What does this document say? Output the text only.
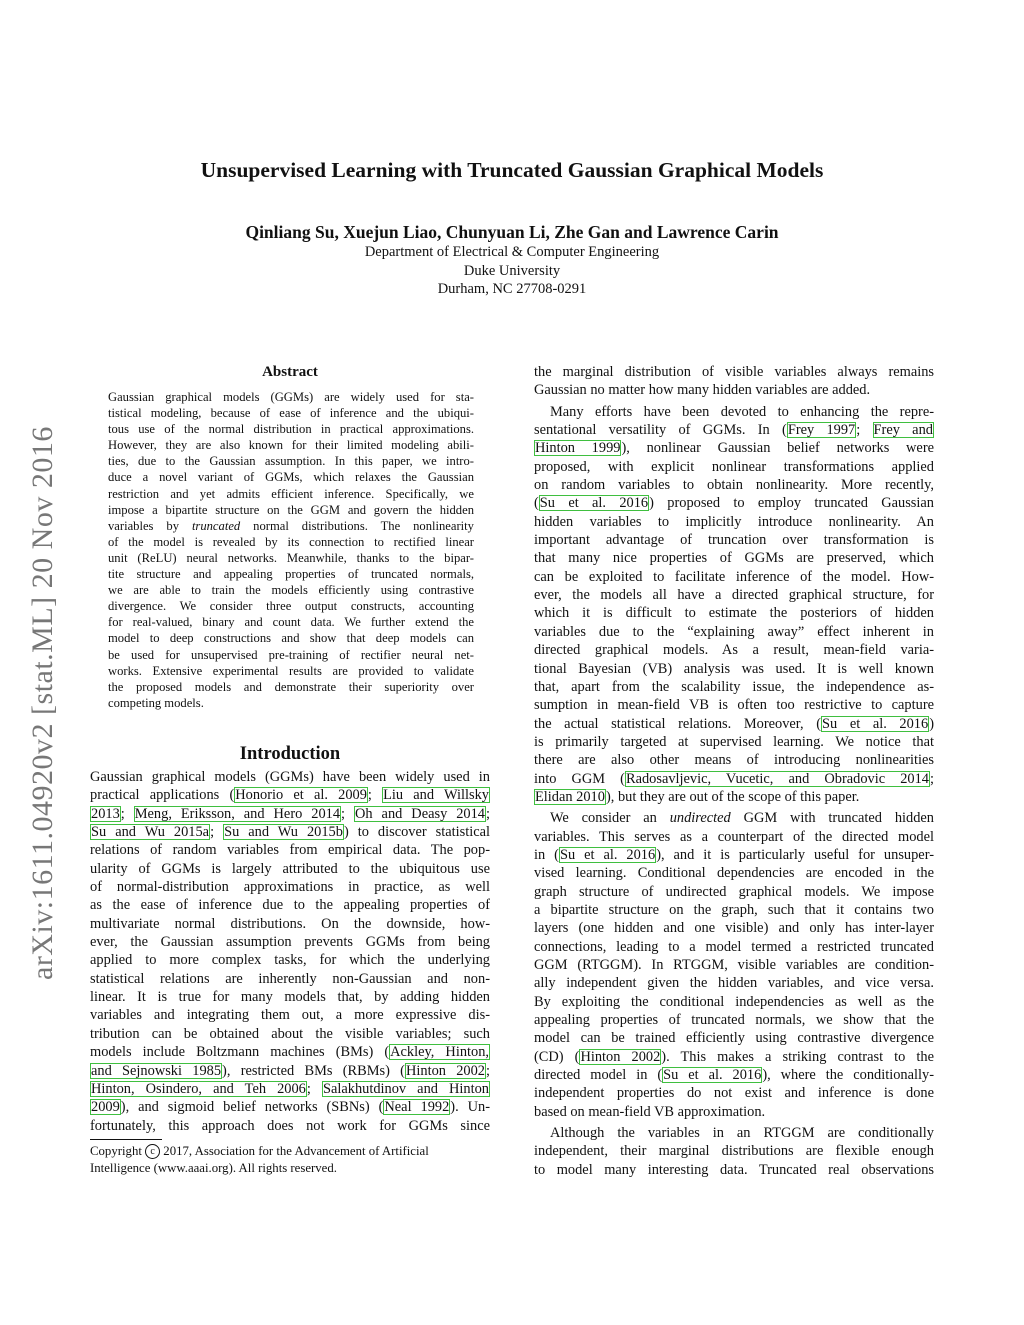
Unsupervised Learning with Truncated Gaussian Graphical Models
Qinliang Su, Xuejun Liao, Chunyuan Li, Zhe Gan and Lawrence Carin
Department of Electrical & Computer Engineering
Duke University
Durham, NC 27708-0291
arXiv:1611.04920v2 [stat.ML] 20 Nov 2016
Abstract
Gaussian graphical models (GGMs) are widely used for sta-
tistical modeling, because of ease of inference and the ubiqui-
tous use of the normal distribution in practical approximations.
However, they are also known for their limited modeling abili-
ties, due to the Gaussian assumption. In this paper, we intro-
duce a novel variant of GGMs, which relaxes the Gaussian
restriction and yet admits efficient inference. Specifically, we
impose a bipartite structure on the GGM and govern the hidden
variables by truncated normal distributions. The nonlinearity
of the model is revealed by its connection to rectified linear
unit (ReLU) neural networks. Meanwhile, thanks to the bipar-
tite structure and appealing properties of truncated normals,
we are able to train the models efficiently using contrastive
divergence. We consider three output constructs, accounting
for real-valued, binary and count data. We further extend the
model to deep constructions and show that deep models can
be used for unsupervised pre-training of rectifier neural net-
works. Extensive experimental results are provided to validate
the proposed models and demonstrate their superiority over
competing models.
Introduction
Gaussian graphical models (GGMs) have been widely used in
practical applications (Honorio et al. 2009; Liu and Willsky
2013; Meng, Eriksson, and Hero 2014; Oh and Deasy 2014;
Su and Wu 2015a; Su and Wu 2015b) to discover statistical
relations of random variables from empirical data. The pop-
ularity of GGMs is largely attributed to the ubiquitous use
of normal-distribution approximations in practice, as well
as the ease of inference due to the appealing properties of
multivariate normal distributions. On the downside, how-
ever, the Gaussian assumption prevents GGMs from being
applied to more complex tasks, for which the underlying
statistical relations are inherently non-Gaussian and non-
linear. It is true for many models that, by adding hidden
variables and integrating them out, a more expressive dis-
tribution can be obtained about the visible variables; such
models include Boltzmann machines (BMs) (Ackley, Hinton,
and Sejnowski 1985), restricted BMs (RBMs) (Hinton 2002;
Hinton, Osindero, and Teh 2006; Salakhutdinov and Hinton
2009), and sigmoid belief networks (SBNs) (Neal 1992). Un-
fortunately, this approach does not work for GGMs since
Copyright c 2017, Association for the Advancement of Artificial
Intelligence (www.aaai.org). All rights reserved.
the marginal distribution of visible variables always remains
Gaussian no matter how many hidden variables are added.
Many efforts have been devoted to enhancing the repre-
sentational versatility of GGMs. In (Frey 1997; Frey and
Hinton 1999), nonlinear Gaussian belief networks were
proposed, with explicit nonlinear transformations applied
on random variables to obtain nonlinearity. More recently,
(Su et al. 2016) proposed to employ truncated Gaussian
hidden variables to implicitly introduce nonlinearity. An
important advantage of truncation over transformation is
that many nice properties of GGMs are preserved, which
can be exploited to facilitate inference of the model. How-
ever, the models all have a directed graphical structure, for
which it is difficult to estimate the posteriors of hidden
variables due to the “explaining away” effect inherent in
directed graphical models. As a result, mean-field varia-
tional Bayesian (VB) analysis was used. It is well known
that, apart from the scalability issue, the independence as-
sumption in mean-field VB is often too restrictive to capture
the actual statistical relations. Moreover, (Su et al. 2016)
is primarily targeted at supervised learning. We notice that
there are also other means of introducing nonlinearities
into GGM (Radosavljevic, Vucetic, and Obradovic 2014;
Elidan 2010), but they are out of the scope of this paper.
We consider an undirected GGM with truncated hidden
variables. This serves as a counterpart of the directed model
in (Su et al. 2016), and it is particularly useful for unsuper-
vised learning. Conditional dependencies are encoded in the
graph structure of undirected graphical models. We impose
a bipartite structure on the graph, such that it contains two
layers (one hidden and one visible) and only has inter-layer
connections, leading to a model termed a restricted truncated
GGM (RTGGM). In RTGGM, visible variables are condition-
ally independent given the hidden variables, and vice versa.
By exploiting the conditional independencies as well as the
appealing properties of truncated normals, we show that the
model can be trained efficiently using contrastive divergence
(CD) (Hinton 2002). This makes a striking contrast to the
directed model in (Su et al. 2016), where the conditionally-
independent properties do not exist and inference is done
based on mean-field VB approximation.
Although the variables in an RTGGM are conditionally
independent, their marginal distributions are flexible enough
to model many interesting data. Truncated real observations
